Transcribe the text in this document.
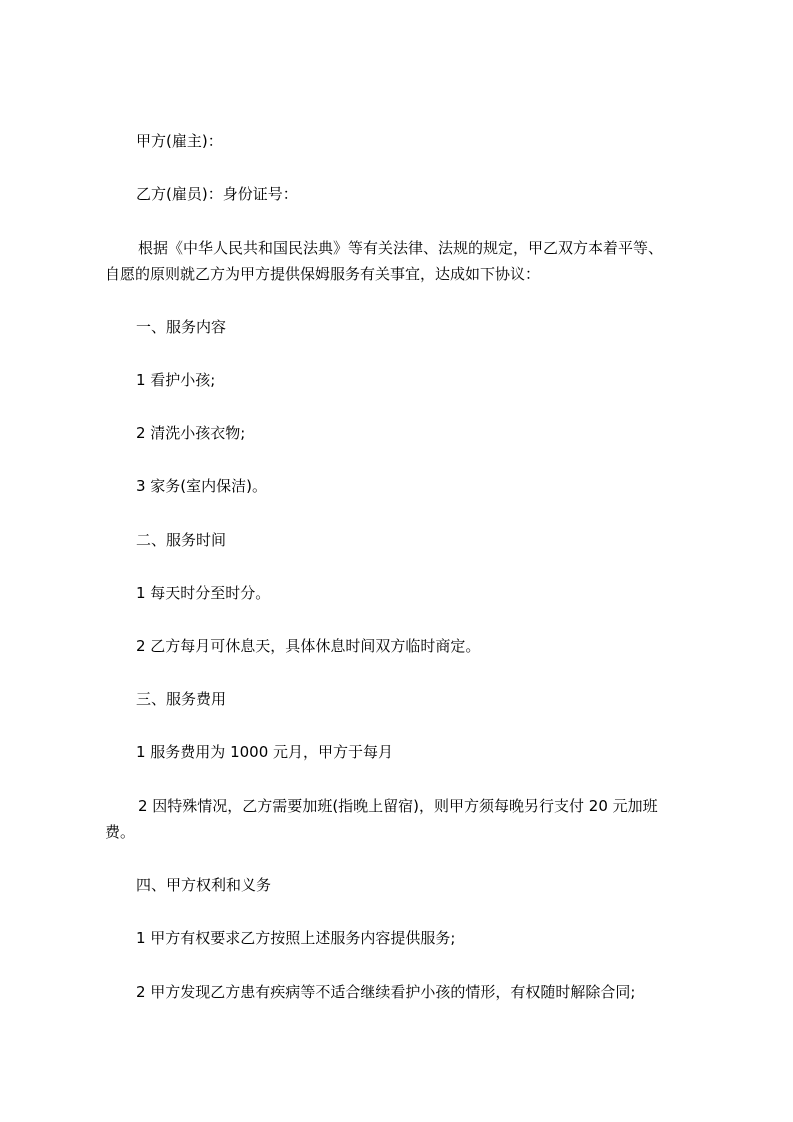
甲方(雇主)：
乙方(雇员)：身份证号：
根据《中华人民共和国民法典》等有关法律、法规的规定，甲乙双方本着平等、
自愿的原则就乙方为甲方提供保姆服务有关事宜，达成如下协议：
一、服务内容
1 看护小孩;
2 清洗小孩衣物;
3 家务(室内保洁)。
二、服务时间
1 每天时分至时分。
2 乙方每月可休息天，具体休息时间双方临时商定。
三、服务费用
1 服务费用为 1000 元月，甲方于每月
2 因特殊情况，乙方需要加班(指晚上留宿)，则甲方须每晚另行支付 20 元加班
费。
四、甲方权利和义务
1 甲方有权要求乙方按照上述服务内容提供服务;
2 甲方发现乙方患有疾病等不适合继续看护小孩的情形，有权随时解除合同;
